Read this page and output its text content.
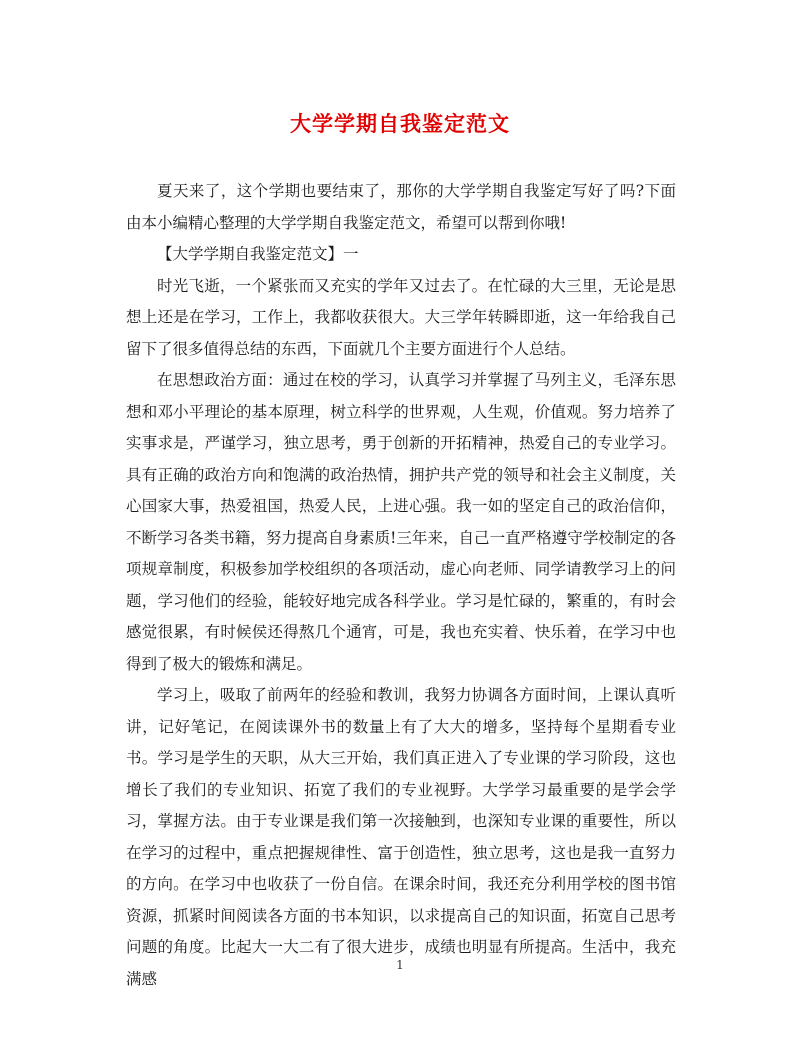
大学学期自我鉴定范文

夏天来了，这个学期也要结束了，那你的大学学期自我鉴定写好了吗?下面由本小编精心整理的大学学期自我鉴定范文，希望可以帮到你哦!

【大学学期自我鉴定范文】一

时光飞逝，一个紧张而又充实的学年又过去了。在忙碌的大三里，无论是思想上还是在学习，工作上，我都收获很大。大三学年转瞬即逝，这一年给我自己留下了很多值得总结的东西，下面就几个主要方面进行个人总结。

在思想政治方面：通过在校的学习，认真学习并掌握了马列主义，毛泽东思想和邓小平理论的基本原理，树立科学的世界观，人生观，价值观。努力培养了实事求是，严谨学习，独立思考，勇于创新的开拓精神，热爱自己的专业学习。具有正确的政治方向和饱满的政治热情，拥护共产党的领导和社会主义制度，关心国家大事，热爱祖国，热爱人民，上进心强。我一如的坚定自己的政治信仰，不断学习各类书籍，努力提高自身素质!三年来，自己一直严格遵守学校制定的各项规章制度，积极参加学校组织的各项活动，虚心向老师、同学请教学习上的问题，学习他们的经验，能较好地完成各科学业。学习是忙碌的，繁重的，有时会感觉很累，有时候侯还得熬几个通宵，可是，我也充实着、快乐着，在学习中也得到了极大的锻炼和满足。

学习上，吸取了前两年的经验和教训，我努力协调各方面时间，上课认真听讲，记好笔记，在阅读课外书的数量上有了大大的增多，坚持每个星期看专业书。学习是学生的天职，从大三开始，我们真正进入了专业课的学习阶段，这也增长了我们的专业知识、拓宽了我们的专业视野。大学学习最重要的是学会学习，掌握方法。由于专业课是我们第一次接触到，也深知专业课的重要性，所以在学习的过程中，重点把握规律性、富于创造性，独立思考，这也是我一直努力的方向。在学习中也收获了一份自信。在课余时间，我还充分利用学校的图书馆资源，抓紧时间阅读各方面的书本知识，以求提高自己的知识面，拓宽自己思考问题的角度。比起大一大二有了很大进步，成绩也明显有所提高。生活中，我充满感

1
